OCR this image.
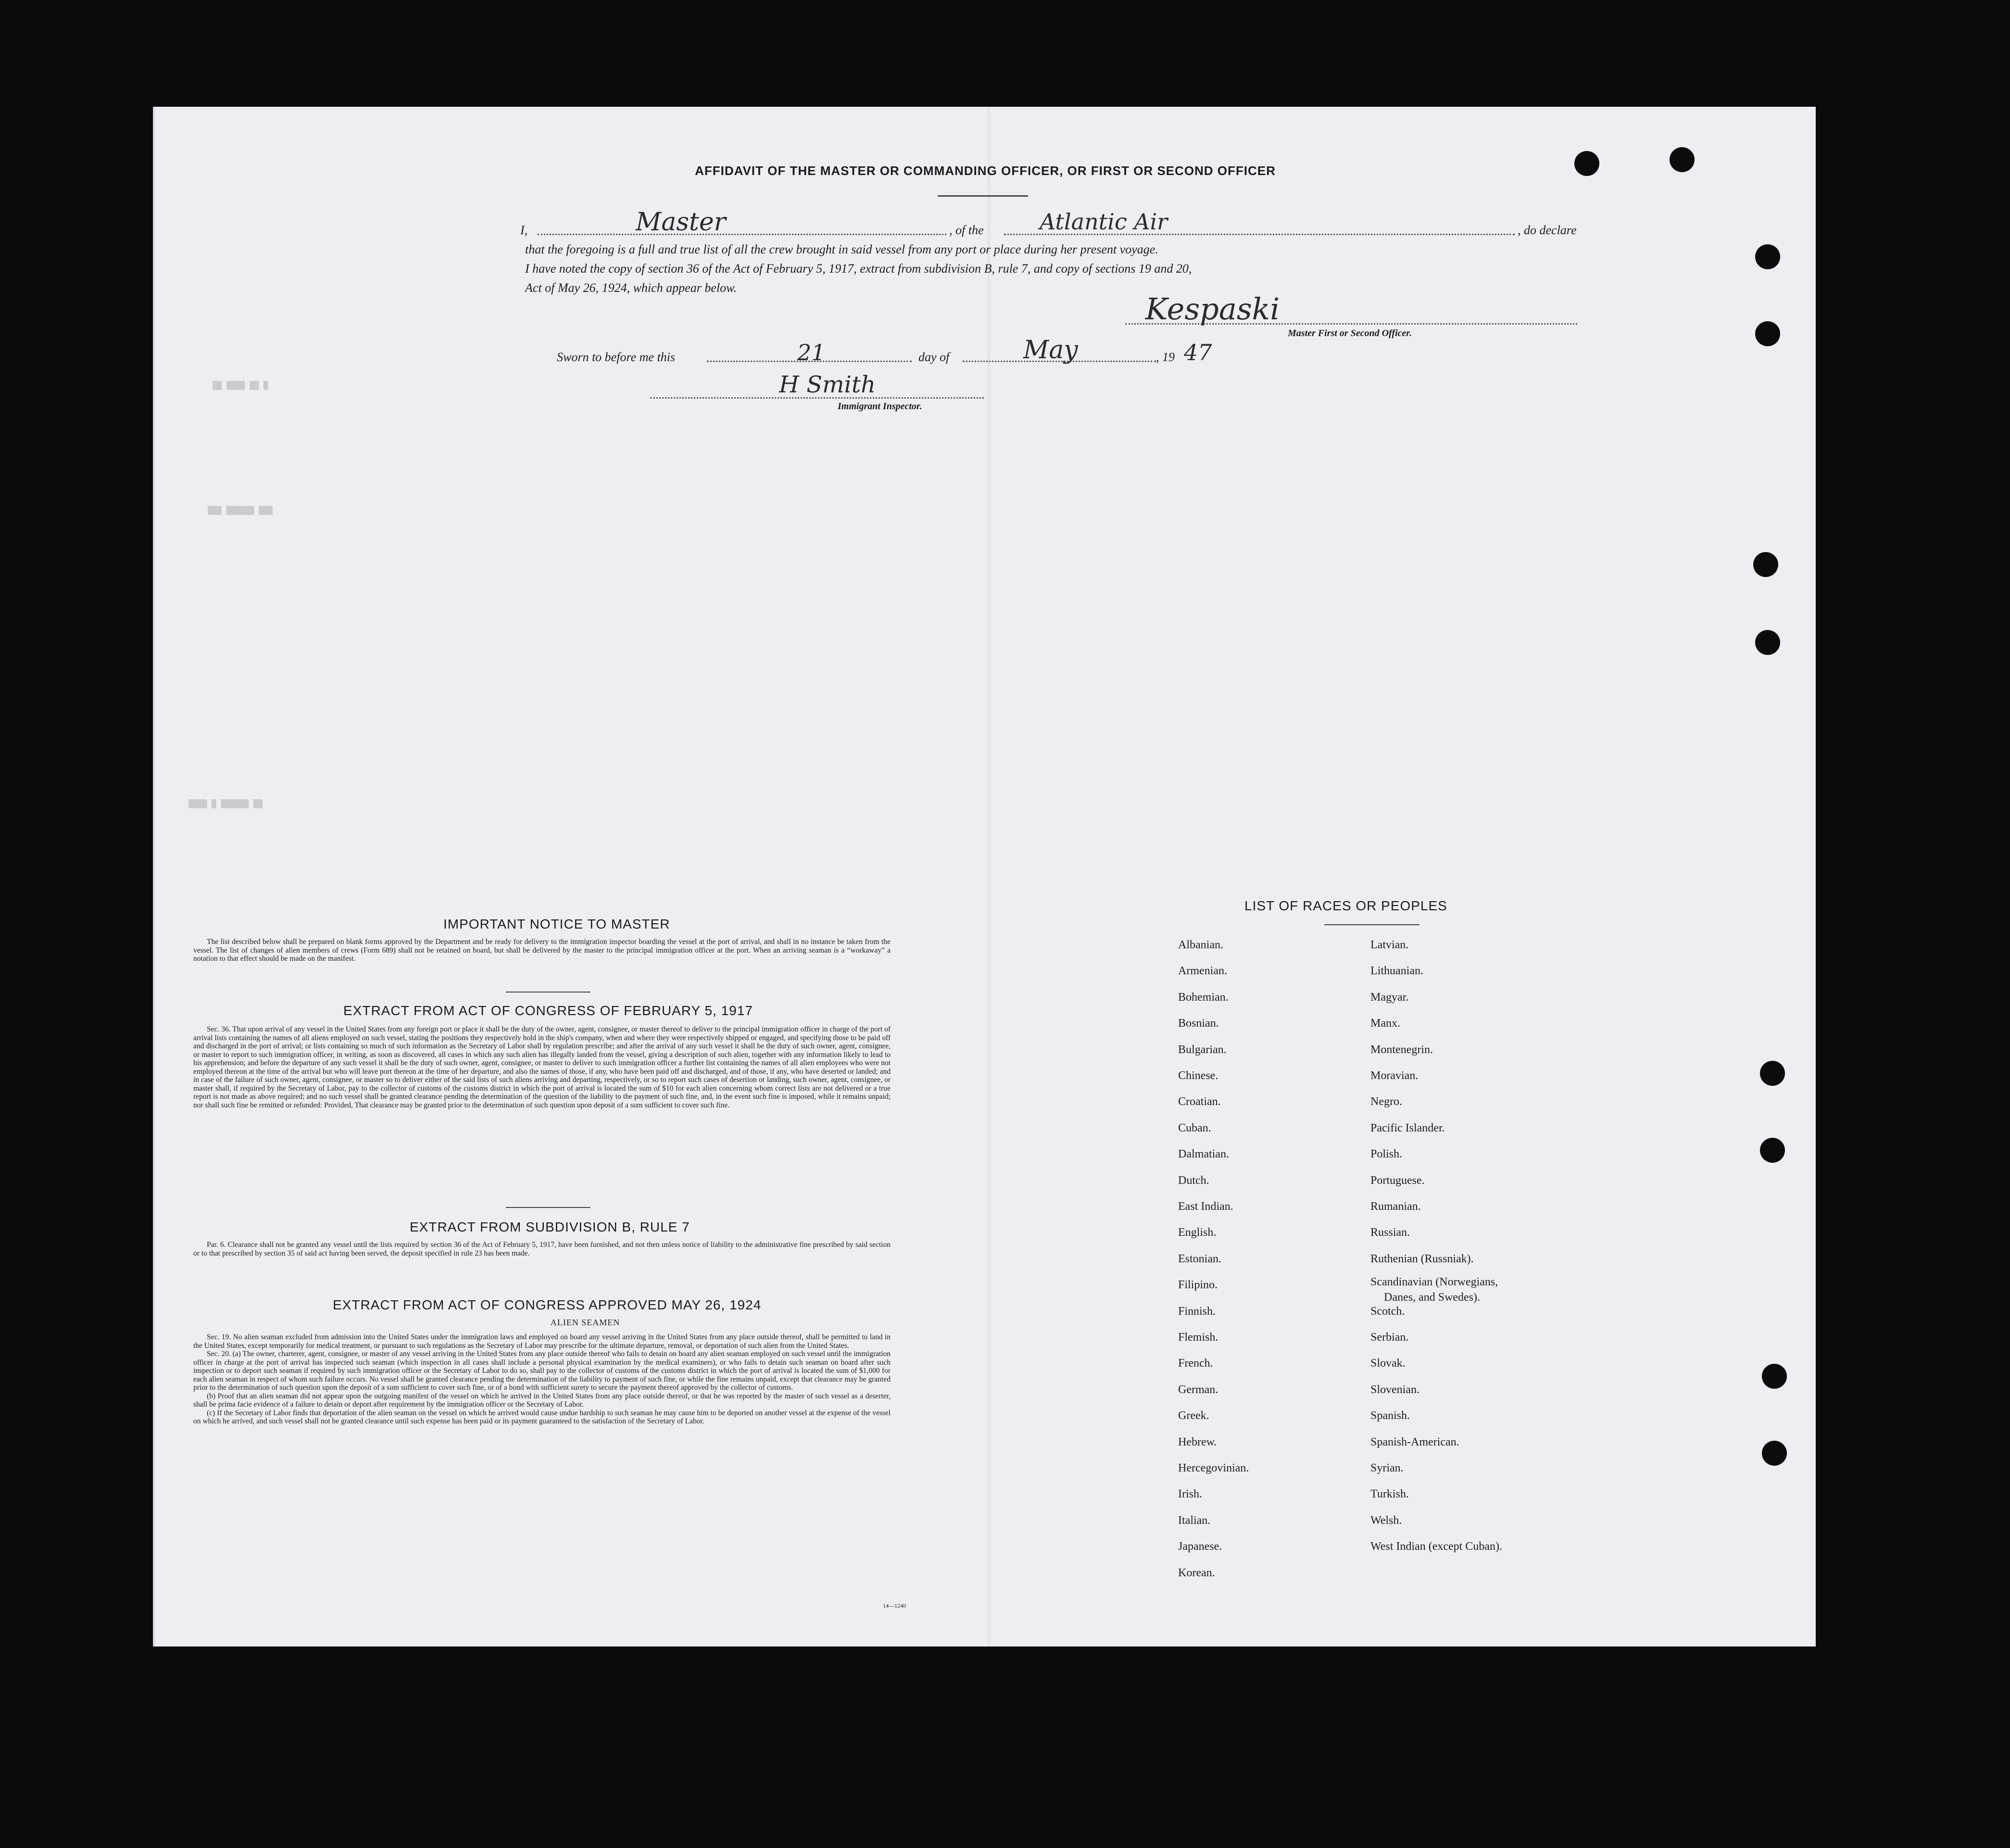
AFFIDAVIT OF THE MASTER OR COMMANDING OFFICER, OR FIRST OR SECOND OFFICER
I,	Master	, of the	Atlantic Air	, do declare
that the foregoing is a full and true list of all the crew brought in said vessel from any port or place during her present voyage.
I have noted the copy of section 36 of the Act of February 5, 1917, extract from subdivision B, rule 7, and copy of sections 19 and 20,
Act of May 26, 1924, which appear below.
Kespaski
Master First or Second Officer.
Sworn to before me this	21	day of	May	, 19 47
H Smith
Immigrant Inspector.
▒▒ ▒▒▒▒ ▒▒ ▒
▒▒▒ ▒▒▒▒▒▒ ▒▒▒
▒▒▒▒ ▒ ▒▒▒▒▒▒ ▒▒
IMPORTANT NOTICE TO MASTER

The list described below shall be prepared on blank forms approved by the Department and be ready for delivery to the immigration inspector boarding the vessel at the port of arrival, and shall in no instance be taken from the vessel. The list of changes of alien members of crews (Form 689) shall not be retained on board, but shall be delivered by the master to the principal immigration officer at the port. When an arriving seaman is a “workaway” a notation to that effect should be made on the manifest.

EXTRACT FROM ACT OF CONGRESS OF FEBRUARY 5, 1917

Sec. 36. That upon arrival of any vessel in the United States from any foreign port or place it shall be the duty of the owner, agent, consignee, or master thereof to deliver to the principal immigration officer in charge of the port of arrival lists containing the names of all aliens employed on such vessel, stating the positions they respectively hold in the ship's company, when and where they were respectively shipped or engaged, and specifying those to be paid off and discharged in the port of arrival; or lists containing so much of such information as the Secretary of Labor shall by regulation prescribe; and after the arrival of any such vessel it shall be the duty of such owner, agent, consignee, or master to report to such immigration officer, in writing, as soon as discovered, all cases in which any such alien has illegally landed from the vessel, giving a description of such alien, together with any information likely to lead to his apprehension; and before the departure of any such vessel it shall be the duty of such owner, agent, consignee, or master to deliver to such immigration officer a further list containing the names of all alien employees who were not employed thereon at the time of the arrival but who will leave port thereon at the time of her departure, and also the names of those, if any, who have been paid off and discharged, and of those, if any, who have deserted or landed; and in case of the failure of such owner, agent, consignee, or master so to deliver either of the said lists of such aliens arriving and departing, respectively, or so to report such cases of desertion or landing, such owner, agent, consignee, or master shall, if required by the Secretary of Labor, pay to the collector of customs of the customs district in which the port of arrival is located the sum of $10 for each alien concerning whom correct lists are not delivered or a true report is not made as above required; and no such vessel shall be granted clearance pending the determination of the question of the liability to the payment of such fine, and, in the event such fine is imposed, while it remains unpaid; nor shall such fine be remitted or refunded: Provided, That clearance may be granted prior to the determination of such question upon deposit of a sum sufficient to cover such fine.

EXTRACT FROM SUBDIVISION B, RULE 7

Par. 6. Clearance shall not be granted any vessel until the lists required by section 36 of the Act of February 5, 1917, have been furnished, and not then unless notice of liability to the administrative fine prescribed by said section or to that prescribed by section 35 of said act having been served, the deposit specified in rule 23 has been made.

EXTRACT FROM ACT OF CONGRESS APPROVED MAY 26, 1924
ALIEN SEAMEN

Sec. 19. No alien seaman excluded from admission into the United States under the immigration laws and employed on board any vessel arriving in the United States from any place outside thereof, shall be permitted to land in the United States, except temporarily for medical treatment, or pursuant to such regulations as the Secretary of Labor may prescribe for the ultimate departure, removal, or deportation of such alien from the United States.

Sec. 20. (a) The owner, charterer, agent, consignee, or master of any vessel arriving in the United States from any place outside thereof who fails to detain on board any alien seaman employed on such vessel until the immigration officer in charge at the port of arrival has inspected such seaman (which inspection in all cases shall include a personal physical examination by the medical examiners), or who fails to detain such seaman on board after such inspection or to deport such seaman if required by such immigration officer or the Secretary of Labor to do so, shall pay to the collector of customs of the customs district in which the port of arrival is located the sum of $1,000 for each alien seaman in respect of whom such failure occurs. No vessel shall be granted clearance pending the determination of the liability to payment of such fine, or while the fine remains unpaid, except that clearance may be granted prior to the determination of such question upon the deposit of a sum sufficient to cover such fine, or of a bond with sufficient surety to secure the payment thereof approved by the collector of customs.

(b) Proof that an alien seaman did not appear upon the outgoing manifest of the vessel on which he arrived in the United States from any place outside thereof, or that he was reported by the master of such vessel as a deserter, shall be prima facie evidence of a failure to detain or deport after requirement by the immigration officer or the Secretary of Labor.

(c) If the Secretary of Labor finds that deportation of the alien seaman on the vessel on which he arrived would cause undue hardship to such seaman he may cause him to be deported on another vessel at the expense of the vessel on which he arrived, and such vessel shall not be granted clearance until such expense has been paid or its payment guaranteed to the satisfaction of the Secretary of Labor.

14—1240
LIST OF RACES OR PEOPLES
Albanian.
Armenian.
Bohemian.
Bosnian.
Bulgarian.
Chinese.
Croatian.
Cuban.
Dalmatian.
Dutch.
East Indian.
English.
Estonian.
Filipino.
Finnish.
Flemish.
French.
German.
Greek.
Hebrew.
Hercegovinian.
Irish.
Italian.
Japanese.
Korean.
Latvian.
Lithuanian.
Magyar.
Manx.
Montenegrin.
Moravian.
Negro.
Pacific Islander.
Polish.
Portuguese.
Rumanian.
Russian.
Ruthenian (Russniak).
Scandinavian (Norwegians,
Danes, and Swedes).
Scotch.
Serbian.
Slovak.
Slovenian.
Spanish.
Spanish-American.
Syrian.
Turkish.
Welsh.
West Indian (except Cuban).
